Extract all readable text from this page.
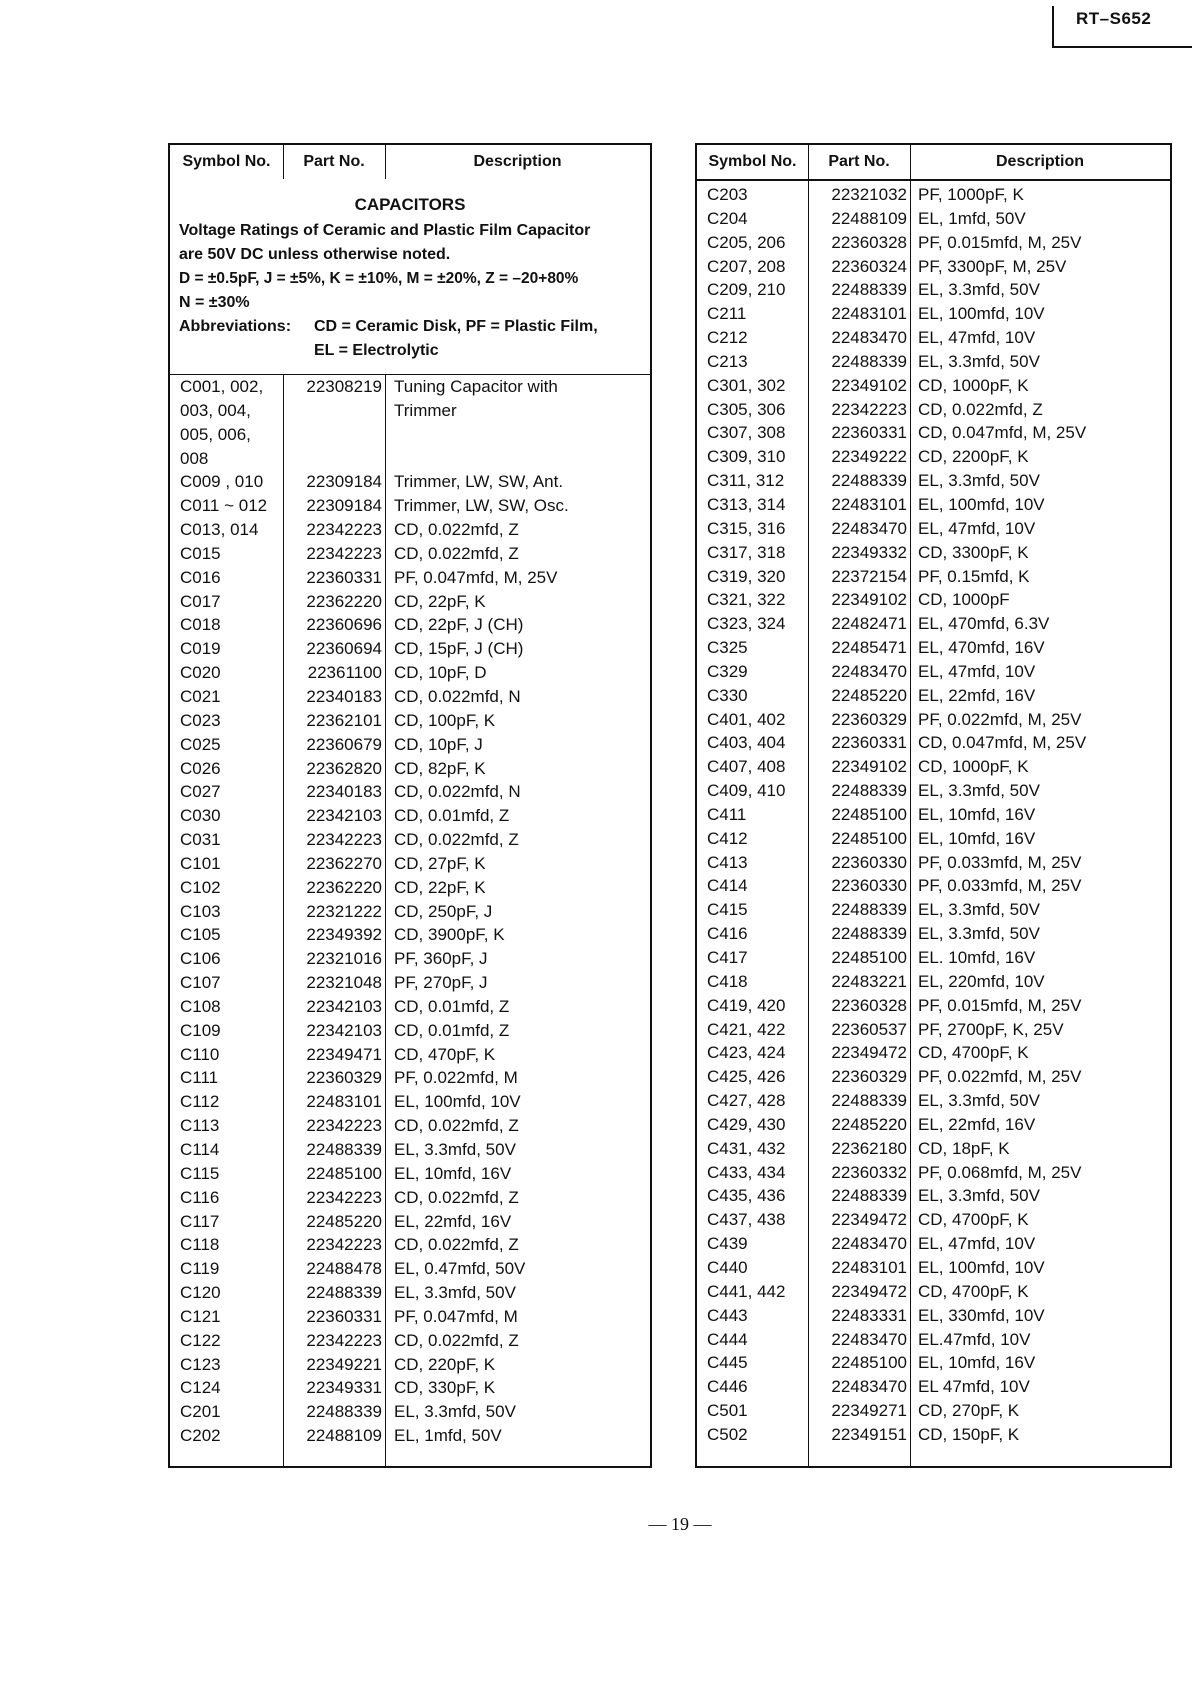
RT–S652
Symbol No.	Part No.	Description
CAPACITORS
Voltage Ratings of Ceramic and Plastic Film Capacitor
are 50V DC unless otherwise noted.
D = ±0.5pF, J = ±5%, K = ±10%, M = ±20%, Z = –20+80%
N = ±30%
Abbreviations: CD = Ceramic Disk, PF = Plastic Film,
EL = Electrolytic
C001, 002,	22308219 Tuning Capacitor with
003, 004,	Trimmer
005, 006,
008
C009 , 010	22309184 Trimmer, LW, SW, Ant.
C011 ~ 012	22309184 Trimmer, LW, SW, Osc.
C013, 014	22342223 CD, 0.022mfd, Z
C015	22342223 CD, 0.022mfd, Z
C016	22360331 PF, 0.047mfd, M, 25V
C017	22362220 CD, 22pF, K
C018	22360696 CD, 22pF, J (CH)
C019	22360694 CD, 15pF, J (CH)
C020	22361100 CD, 10pF, D
C021	22340183 CD, 0.022mfd, N
C023	22362101 CD, 100pF, K
C025	22360679 CD, 10pF, J
C026	22362820 CD, 82pF, K
C027	22340183 CD, 0.022mfd, N
C030	22342103 CD, 0.01mfd, Z
C031	22342223 CD, 0.022mfd, Z
C101	22362270 CD, 27pF, K
C102	22362220 CD, 22pF, K
C103	22321222 CD, 250pF, J
C105	22349392 CD, 3900pF, K
C106	22321016 PF, 360pF, J
C107	22321048 PF, 270pF, J
C108	22342103 CD, 0.01mfd, Z
C109	22342103 CD, 0.01mfd, Z
C110	22349471 CD, 470pF, K
C111	22360329 PF, 0.022mfd, M
C112	22483101 EL, 100mfd, 10V
C113	22342223 CD, 0.022mfd, Z
C114	22488339 EL, 3.3mfd, 50V
C115	22485100 EL, 10mfd, 16V
C116	22342223 CD, 0.022mfd, Z
C117	22485220 EL, 22mfd, 16V
C118	22342223 CD, 0.022mfd, Z
C119	22488478 EL, 0.47mfd, 50V
C120	22488339 EL, 3.3mfd, 50V
C121	22360331 PF, 0.047mfd, M
C122	22342223 CD, 0.022mfd, Z
C123	22349221 CD, 220pF, K
C124	22349331 CD, 330pF, K
C201	22488339 EL, 3.3mfd, 50V
C202	22488109 EL, 1mfd, 50V
Symbol No.	Part No.	Description
C203	22321032 PF, 1000pF, K
C204	22488109 EL, 1mfd, 50V
C205, 206	22360328 PF, 0.015mfd, M, 25V
C207, 208	22360324 PF, 3300pF, M, 25V
C209, 210	22488339 EL, 3.3mfd, 50V
C211	22483101 EL, 100mfd, 10V
C212	22483470 EL, 47mfd, 10V
C213	22488339 EL, 3.3mfd, 50V
C301, 302	22349102 CD, 1000pF, K
C305, 306	22342223 CD, 0.022mfd, Z
C307, 308	22360331 CD, 0.047mfd, M, 25V
C309, 310	22349222 CD, 2200pF, K
C311, 312	22488339 EL, 3.3mfd, 50V
C313, 314	22483101 EL, 100mfd, 10V
C315, 316	22483470 EL, 47mfd, 10V
C317, 318	22349332 CD, 3300pF, K
C319, 320	22372154 PF, 0.15mfd, K
C321, 322	22349102 CD, 1000pF
C323, 324	22482471 EL, 470mfd, 6.3V
C325	22485471 EL, 470mfd, 16V
C329	22483470 EL, 47mfd, 10V
C330	22485220 EL, 22mfd, 16V
C401, 402	22360329 PF, 0.022mfd, M, 25V
C403, 404	22360331 CD, 0.047mfd, M, 25V
C407, 408	22349102 CD, 1000pF, K
C409, 410	22488339 EL, 3.3mfd, 50V
C411	22485100 EL, 10mfd, 16V
C412	22485100 EL, 10mfd, 16V
C413	22360330 PF, 0.033mfd, M, 25V
C414	22360330 PF, 0.033mfd, M, 25V
C415	22488339 EL, 3.3mfd, 50V
C416	22488339 EL, 3.3mfd, 50V
C417	22485100 EL. 10mfd, 16V
C418	22483221 EL, 220mfd, 10V
C419, 420	22360328 PF, 0.015mfd, M, 25V
C421, 422	22360537 PF, 2700pF, K, 25V
C423, 424	22349472 CD, 4700pF, K
C425, 426	22360329 PF, 0.022mfd, M, 25V
C427, 428	22488339 EL, 3.3mfd, 50V
C429, 430	22485220 EL, 22mfd, 16V
C431, 432	22362180 CD, 18pF, K
C433, 434	22360332 PF, 0.068mfd, M, 25V
C435, 436	22488339 EL, 3.3mfd, 50V
C437, 438	22349472 CD, 4700pF, K
C439	22483470 EL, 47mfd, 10V
C440	22483101 EL, 100mfd, 10V
C441, 442	22349472 CD, 4700pF, K
C443	22483331 EL, 330mfd, 10V
C444	22483470 EL.47mfd, 10V
C445	22485100 EL, 10mfd, 16V
C446	22483470 EL 47mfd, 10V
C501	22349271 CD, 270pF, K
C502	22349151 CD, 150pF, K
— 19 —
